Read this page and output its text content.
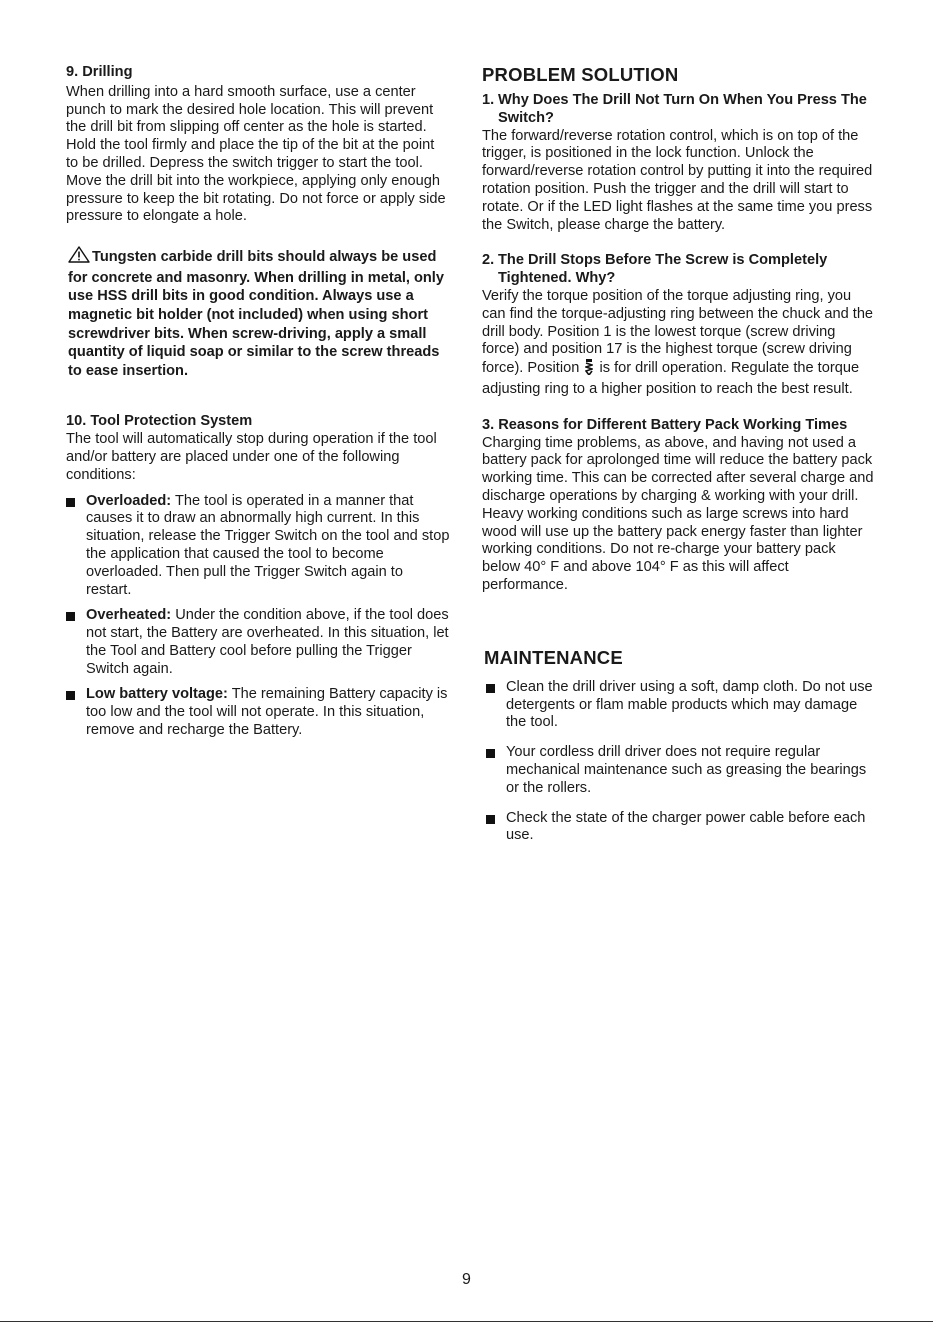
9. Drilling

When drilling into a hard smooth surface, use a center punch to mark the desired hole location. This will prevent the drill bit from slipping off center as the hole is started. Hold the tool firmly and place the tip of the bit at the point to be drilled. Depress the switch trigger to start the tool. Move the drill bit into the workpiece, applying only enough pressure to keep the bit rotating. Do not force or apply side pressure to elongate a hole.

Tungsten carbide drill bits should always be used for concrete and masonry. When drilling in metal, only use HSS drill bits in good condition. Always use a magnetic bit holder (not included) when using short screwdriver bits. When screw-driving, apply a small quantity of liquid soap or similar to the screw threads to ease insertion.

10. Tool Protection System

The tool will automatically stop during operation if the tool and/or battery are placed under one of the following conditions:

Overloaded: The tool is operated in a manner that causes it to draw an abnormally high current. In this situation, release the Trigger Switch on the tool and stop the application that caused the tool to become overloaded. Then pull the Trigger Switch again to restart.
Overheated: Under the condition above, if the tool does not start, the Battery are overheated. In this situation, let the Tool and Battery cool before pulling the Trigger Switch again.
Low battery voltage: The remaining Battery capacity is too low and the tool will not operate. In this situation, remove and recharge the Battery.
PROBLEM SOLUTION
1. Why Does The Drill Not Turn On When You Press The Switch?

The forward/reverse rotation control, which is on top of the trigger, is positioned in the lock function. Unlock the forward/reverse rotation control by putting it into the required rotation position. Push the trigger and the drill will start to rotate. Or if the LED light flashes at the same time you press the Switch, please charge the battery.

2. The Drill Stops Before The Screw is Completely Tightened. Why?

Verify the torque position of the torque adjusting ring, you can find the torque-adjusting ring between the chuck and the drill body. Position 1 is the lowest torque (screw driving force) and position 17 is the highest torque (screw driving force). Position is for drill operation. Regulate the torque adjusting ring to a higher position to reach the best result.

3. Reasons for Different Battery Pack Working Times

Charging time problems, as above, and having not used a battery pack for aprolonged time will reduce the battery pack working time. This can be corrected after several charge and discharge operations by charging & working with your drill. Heavy working conditions such as large screws into hard wood will use up the battery pack energy faster than lighter working conditions. Do not re-charge your battery pack below 40° F and above 104° F as this will affect performance.

MAINTENANCE
Clean the drill driver using a soft, damp cloth. Do not use detergents or flam mable products which may damage the tool.
Your cordless drill driver does not require regular mechanical maintenance such as greasing the bearings or the rollers.
Check the state of the charger power cable before each use.
9
